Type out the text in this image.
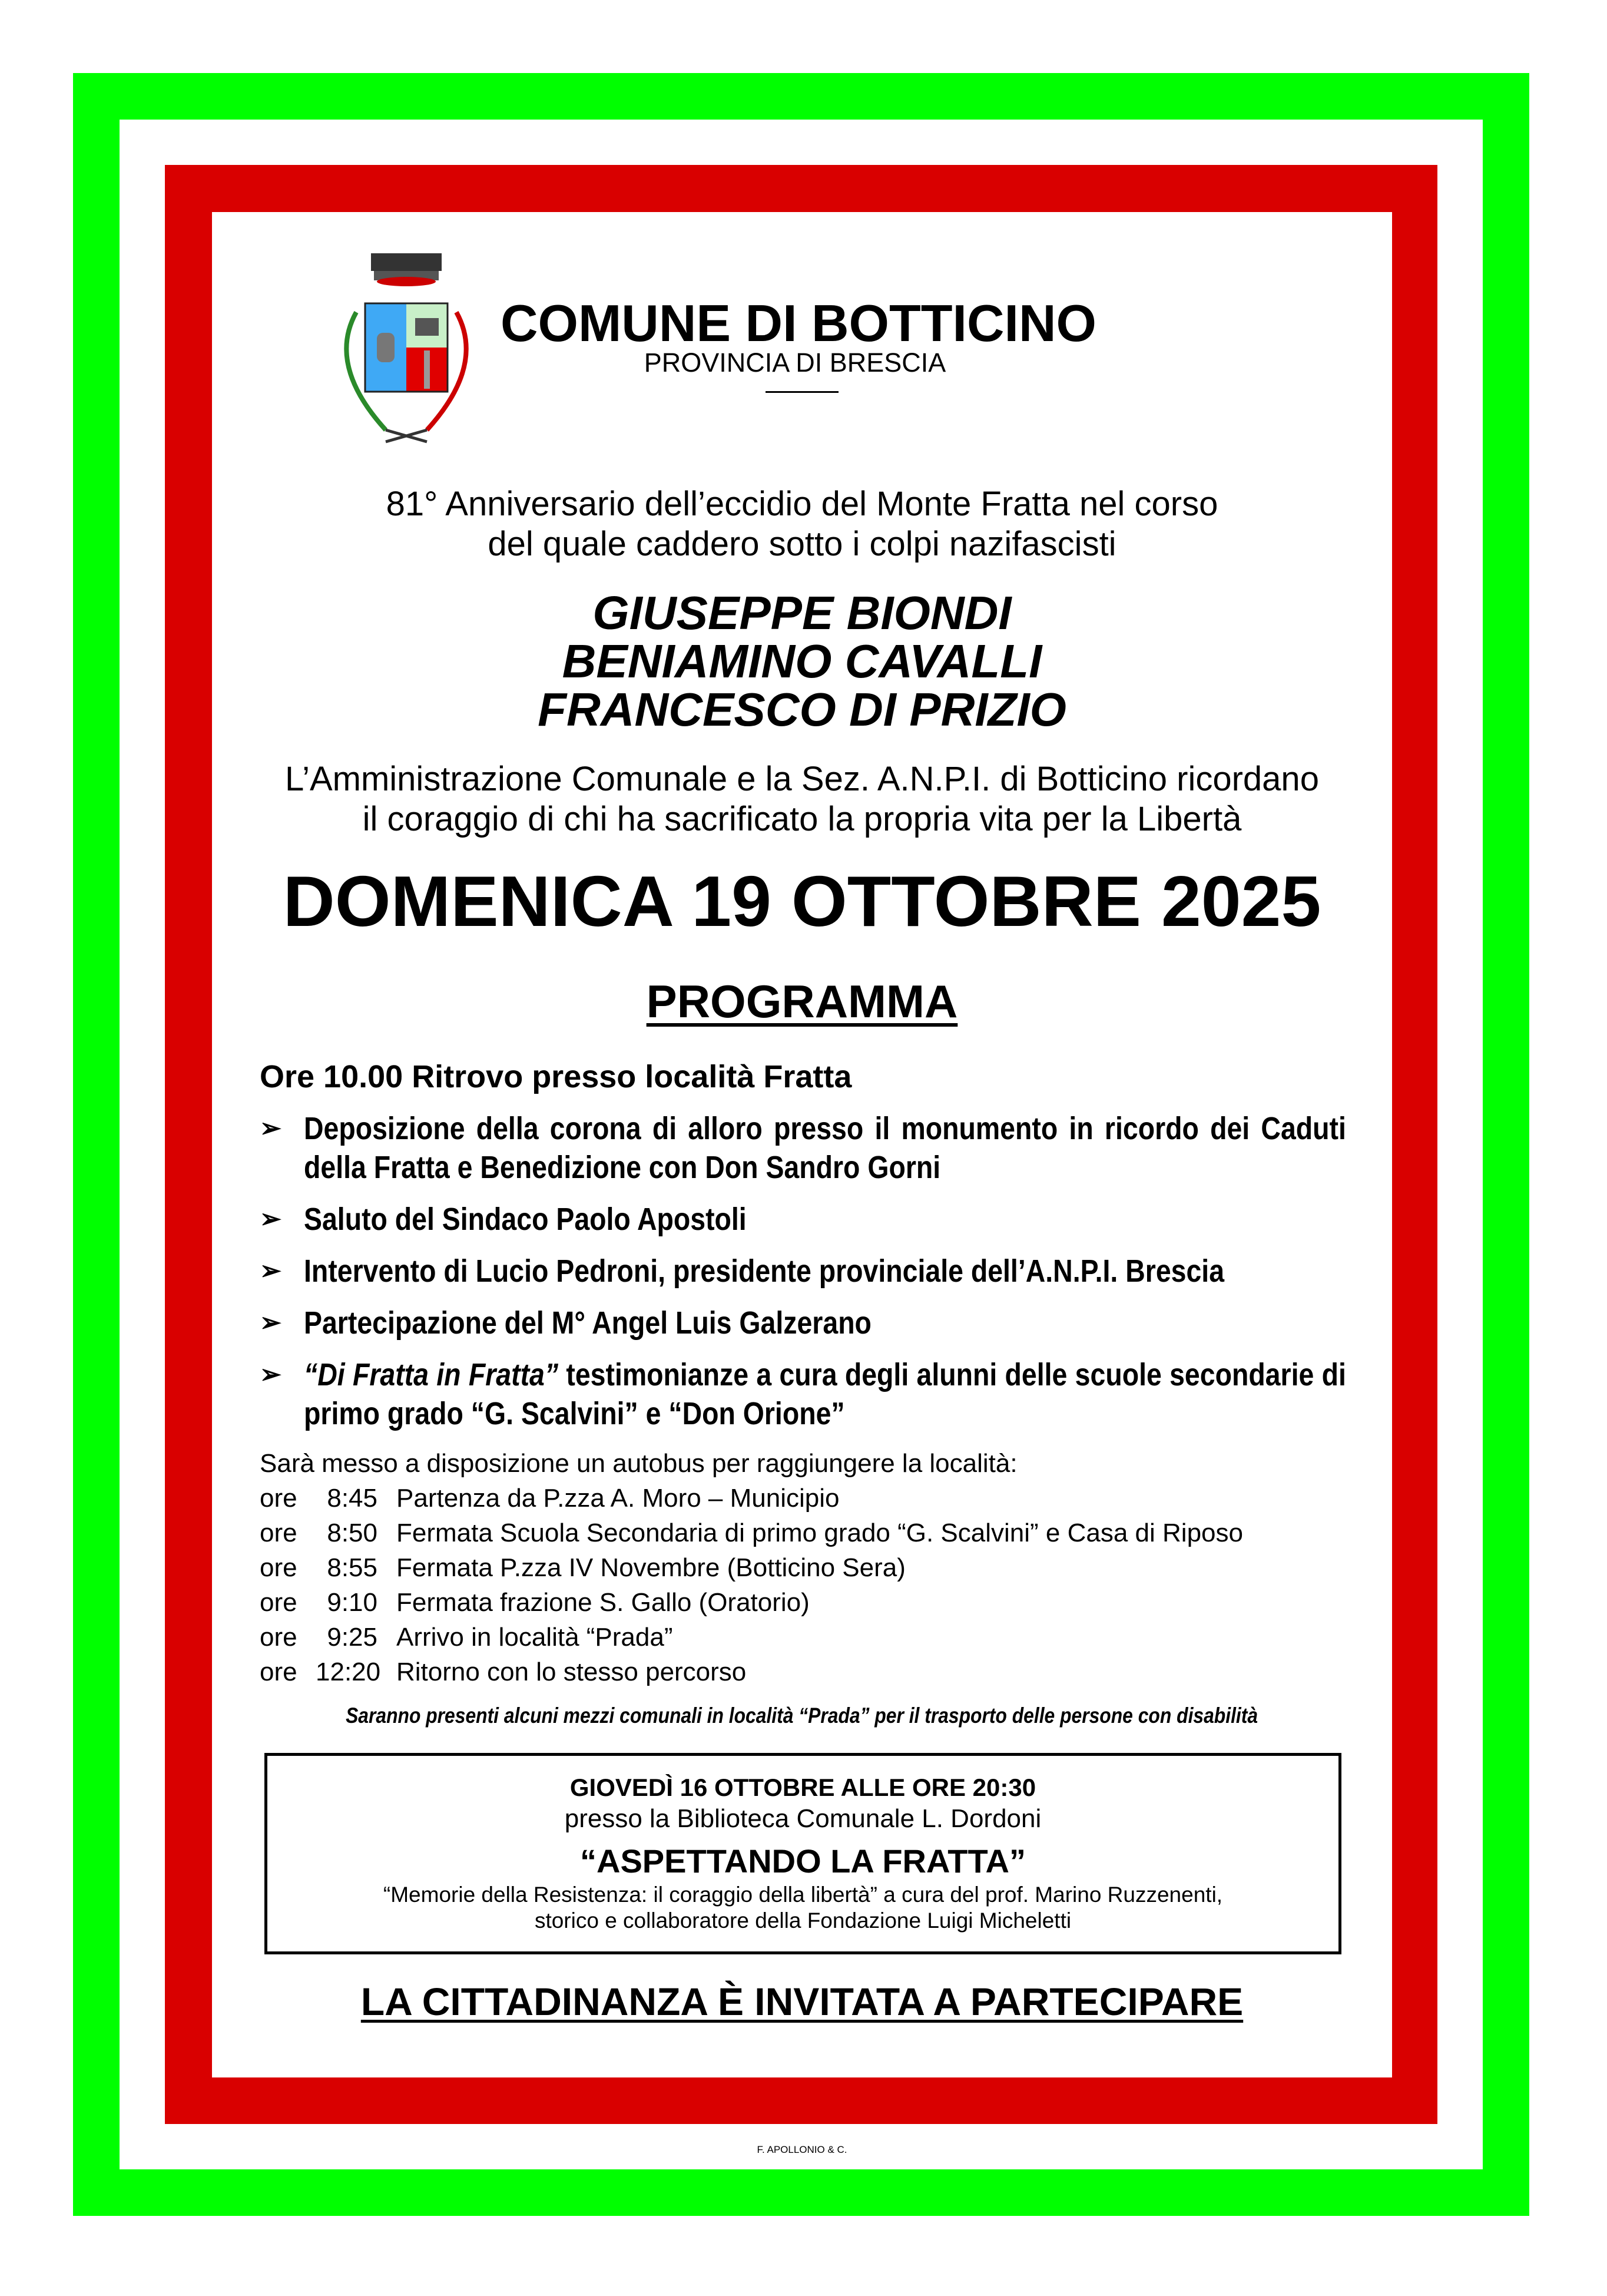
COMUNE DI BOTTICINO
PROVINCIA DI BRESCIA
81° Anniversario dell’eccidio del Monte Fratta nel corso
del quale caddero sotto i colpi nazifascisti
GIUSEPPE BIONDI
BENIAMINO CAVALLI
FRANCESCO DI PRIZIO
L’Amministrazione Comunale e la Sez. A.N.P.I. di Botticino ricordano
il coraggio di chi ha sacrificato la propria vita per la Libertà
DOMENICA 19 OTTOBRE 2025
PROGRAMMA
Ore 10.00 Ritrovo presso località Fratta
➢ Deposizione della corona di alloro presso il monumento in ricordo dei Caduti della Fratta e Benedizione con Don Sandro Gorni
➢ Saluto del Sindaco Paolo Apostoli
➢ Intervento di Lucio Pedroni, presidente provinciale dell’A.N.P.I. Brescia
➢ Partecipazione del M° Angel Luis Galzerano
➢ “Di Fratta in Fratta” testimonianze a cura degli alunni delle scuole secondarie di primo grado “G. Scalvini” e “Don Orione”
Sarà messo a disposizione un autobus per raggiungere la località:
ore	8:45 Partenza da P.zza A. Moro – Municipio
ore	8:50 Fermata Scuola Secondaria di primo grado “G. Scalvini” e Casa di Riposo
ore	8:55 Fermata P.zza IV Novembre (Botticino Sera)
ore	9:10 Fermata frazione S. Gallo (Oratorio)
ore	9:25 Arrivo in località “Prada”
ore 12:20 Ritorno con lo stesso percorso
Saranno presenti alcuni mezzi comunali in località “Prada” per il trasporto delle persone con disabilità
GIOVEDÌ 16 OTTOBRE ALLE ORE 20:30
presso la Biblioteca Comunale L. Dordoni
“ASPETTANDO LA FRATTA”
“Memorie della Resistenza: il coraggio della libertà” a cura del prof. Marino Ruzzenenti,
storico e collaboratore della Fondazione Luigi Micheletti
LA CITTADINANZA È INVITATA A PARTECIPARE
F. APOLLONIO & C.
